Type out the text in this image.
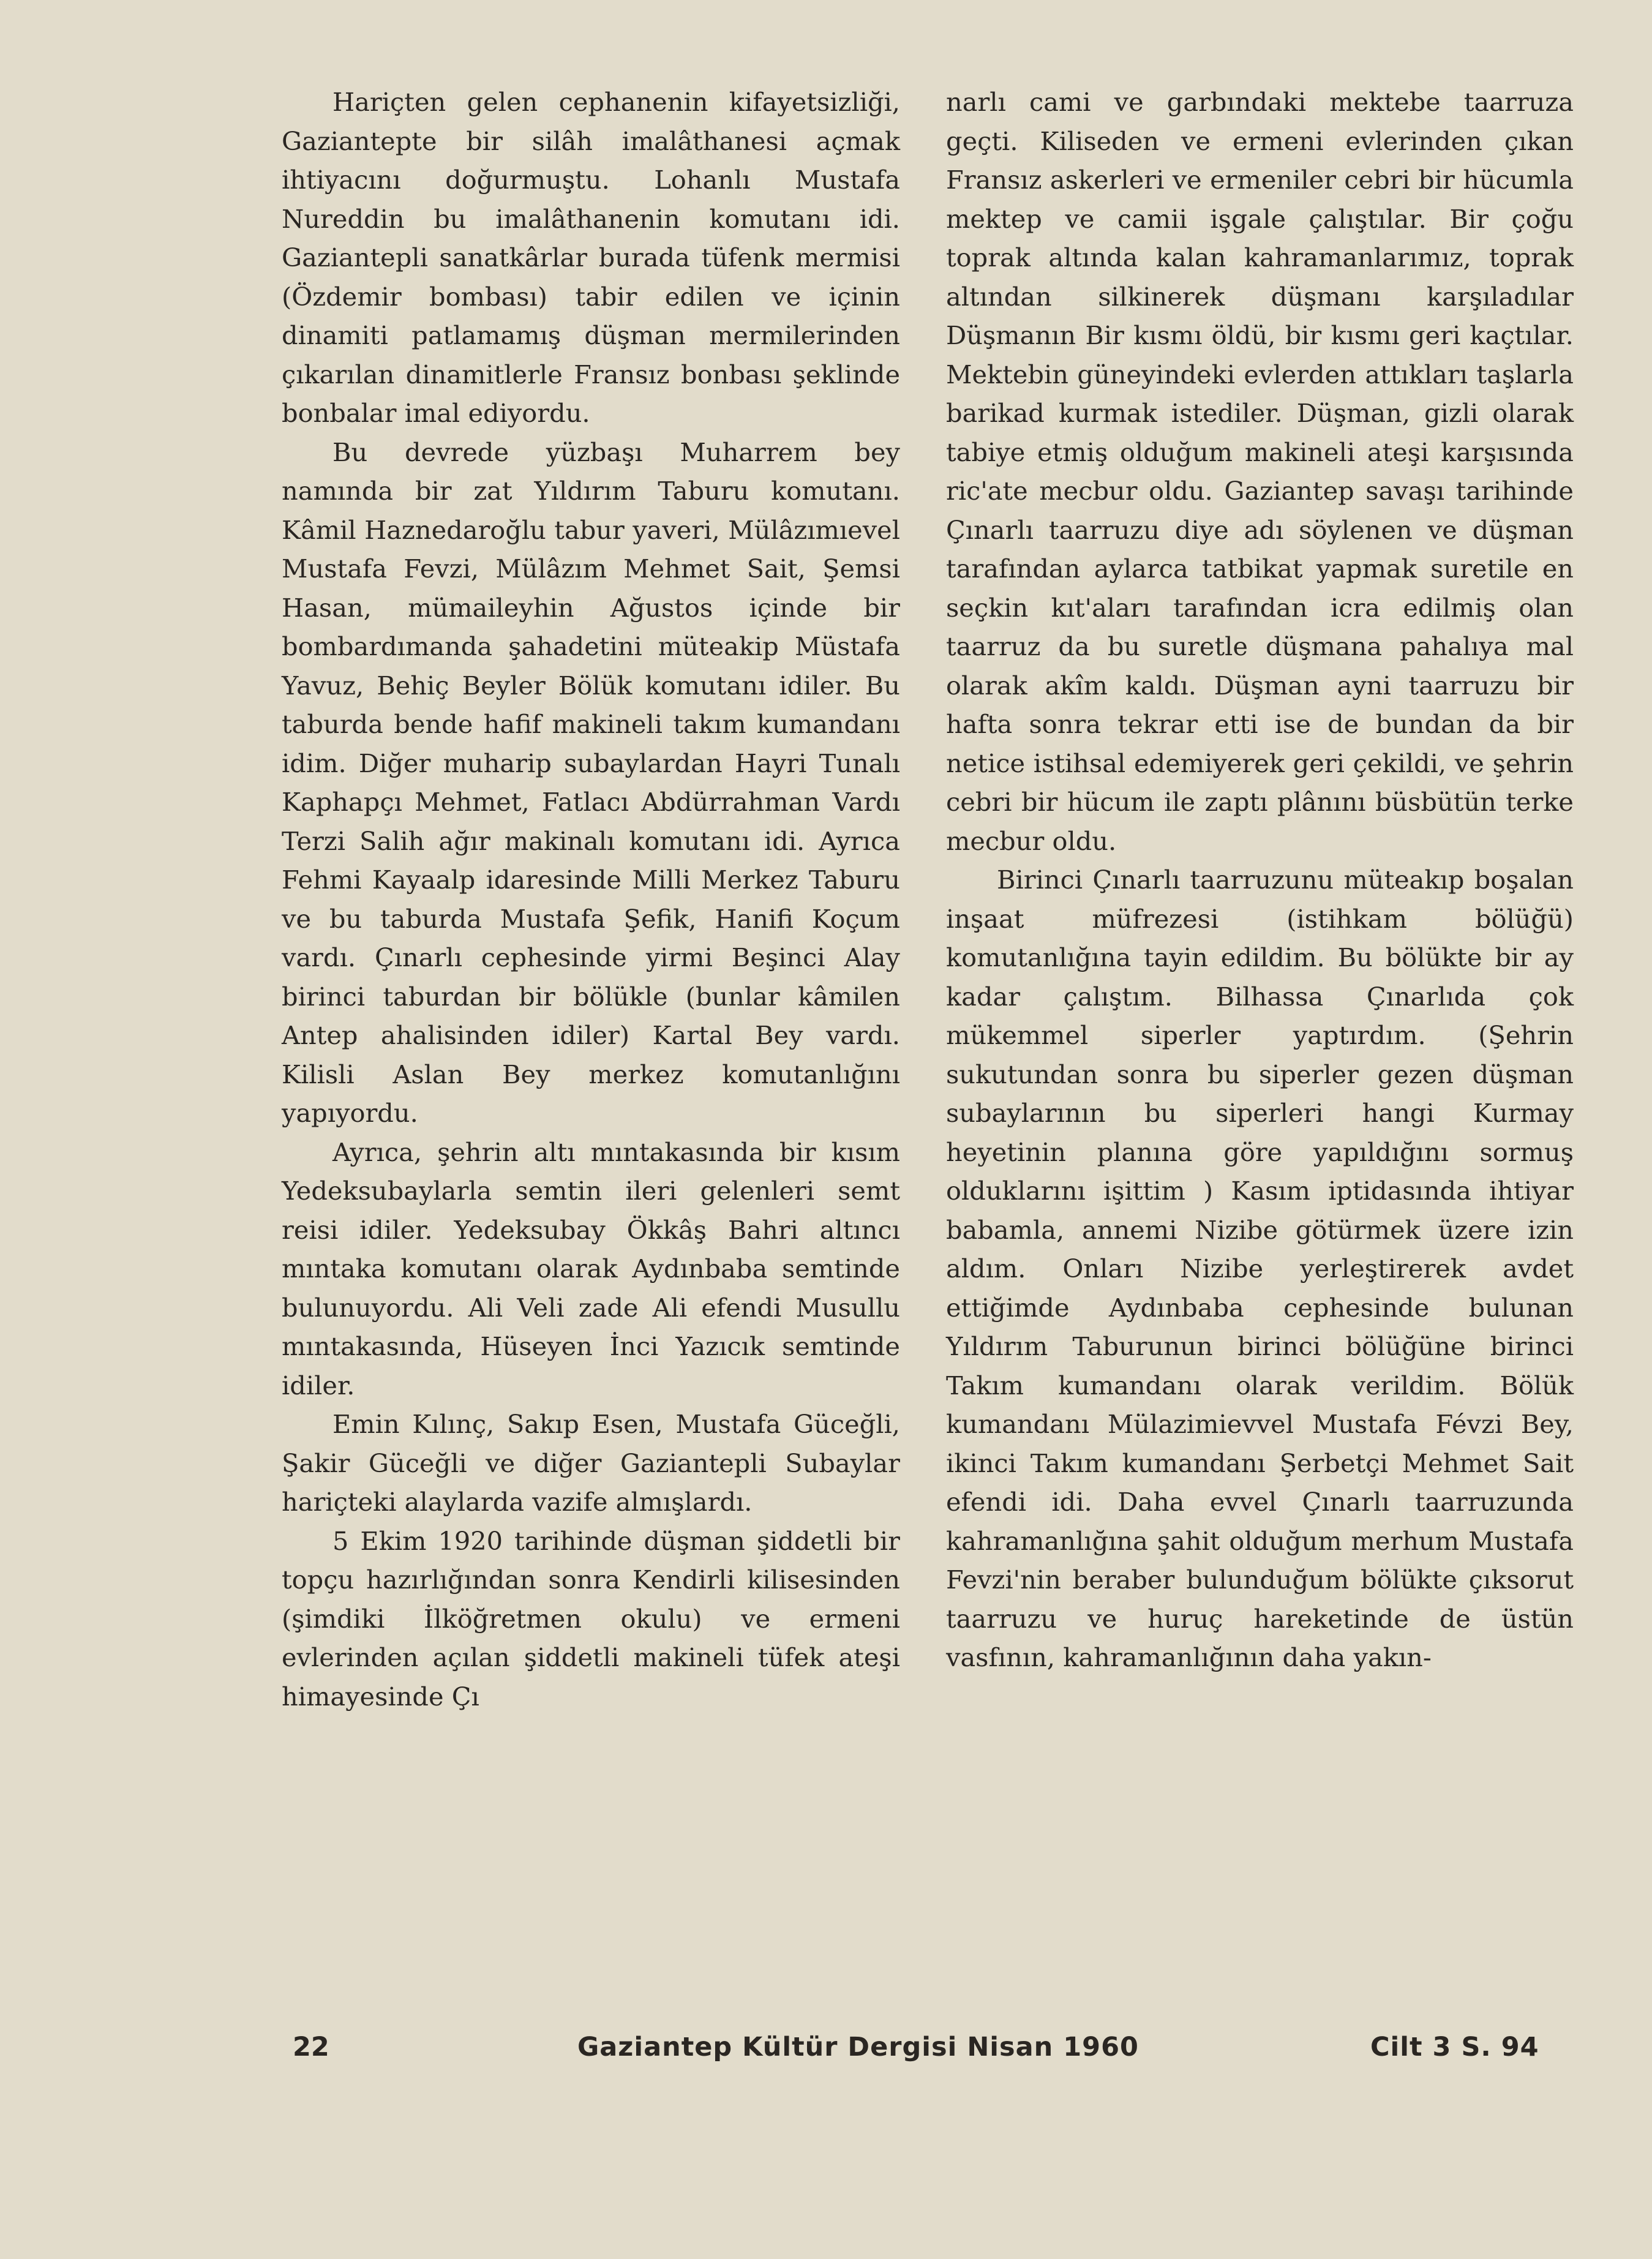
Hariçten gelen cephanenin kifayetsizliği, Gaziantepte bir silâh imalâthanesi açmak ihtiyacını doğurmuştu. Lohanlı Mustafa Nureddin bu imalâthanenin komutanı idi. Gaziantepli sanatkârlar burada tüfenk mermisi (Özdemir bombası) tabir edilen ve içinin dinamiti patlamamış düşman mermilerinden çıkarılan dinamitlerle Fransız bonbası şeklinde bonbalar imal ediyordu.

Bu devrede yüzbaşı Muharrem bey namında bir zat Yıldırım Taburu komutanı. Kâmil Haznedaroğlu tabur yaveri, Mülâzımıevel Mustafa Fevzi, Mülâzım Mehmet Sait, Şemsi Hasan, mümaileyhin Ağustos içinde bir bombardımanda şahadetini müteakip Müstafa Yavuz, Behiç Beyler Bölük komutanı idiler. Bu taburda bende hafif makineli takım kumandanı idim. Diğer muharip subaylardan Hayri Tunalı Kaphapçı Mehmet, Fatlacı Abdürrahman Vardı Terzi Salih ağır makinalı komutanı idi. Ayrıca Fehmi Kayaalp idaresinde Milli Merkez Taburu ve bu taburda Mustafa Şefik, Hanifi Koçum vardı. Çınarlı cephesinde yirmi Beşinci Alay birinci taburdan bir bölükle (bunlar kâmilen Antep ahalisinden idiler) Kartal Bey vardı. Kilisli Aslan Bey merkez komutanlığını yapıyordu.

Ayrıca, şehrin altı mıntakasında bir kısım Yedeksubaylarla semtin ileri gelenleri semt reisi idiler. Yedeksubay Ökkâş Bahri altıncı mıntaka komutanı olarak Aydınbaba semtinde bulunuyordu. Ali Veli zade Ali efendi Musullu mıntakasında, Hüseyen İnci Yazıcık semtinde idiler.

Emin Kılınç, Sakıp Esen, Mustafa Güceğli, Şakir Güceğli ve diğer Gaziantepli Subaylar hariçteki alaylarda vazife almışlardı.

5 Ekim 1920 tarihinde düşman şiddetli bir topçu hazırlığından sonra Kendirli kilisesinden (şimdiki İlköğretmen okulu) ve ermeni evlerinden açılan şiddetli makineli tüfek ateşi himayesinde Çı

narlı cami ve garbındaki mektebe taarruza geçti. Kiliseden ve ermeni evlerinden çıkan Fransız askerleri ve ermeniler cebri bir hücumla mektep ve camii işgale çalıştılar. Bir çoğu toprak altında kalan kahramanlarımız, toprak altından silkinerek düşmanı karşıladılar Düşmanın Bir kısmı öldü, bir kısmı geri kaçtılar. Mektebin güneyindeki evlerden attıkları taşlarla barikad kurmak istediler. Düşman, gizli olarak tabiye etmiş olduğum makineli ateşi karşısında ric'ate mecbur oldu. Gaziantep savaşı tarihinde Çınarlı taarruzu diye adı söylenen ve düşman tarafından aylarca tatbikat yapmak suretile en seçkin kıt'aları tarafından icra edilmiş olan taarruz da bu suretle düşmana pahalıya mal olarak akîm kaldı. Düşman ayni taarruzu bir hafta sonra tekrar etti ise de bundan da bir netice istihsal edemiyerek geri çekildi, ve şehrin cebri bir hücum ile zaptı plânını büsbütün terke mecbur oldu.

Birinci Çınarlı taarruzunu müteakıp boşalan inşaat müfrezesi (istihkam bölüğü) komutanlığına tayin edildim. Bu bölükte bir ay kadar çalıştım. Bilhassa Çınarlıda çok mükemmel siperler yaptırdım. (Şehrin sukutundan sonra bu siperler gezen düşman subaylarının bu siperleri hangi Kurmay heyetinin planına göre yapıldığını sormuş olduklarını işittim ) Kasım iptidasında ihtiyar babamla, annemi Nizibe götürmek üzere izin aldım. Onları Nizibe yerleştirerek avdet ettiğimde Aydınbaba cephesinde bulunan Yıldırım Taburunun birinci bölüğüne birinci Takım kumandanı olarak verildim. Bölük kumandanı Mülazimievvel Mustafa Févzi Bey, ikinci Takım kumandanı Şerbetçi Mehmet Sait efendi idi. Daha evvel Çınarlı taarruzunda kahramanlığına şahit olduğum merhum Mustafa Fevzi'nin beraber bulunduğum bölükte çıksorut taarruzu ve huruç hareketinde de üstün vasfının, kahramanlığının daha yakın-

22	Gaziantep Kültür Dergisi Nisan 1960	Cilt 3 S. 94
